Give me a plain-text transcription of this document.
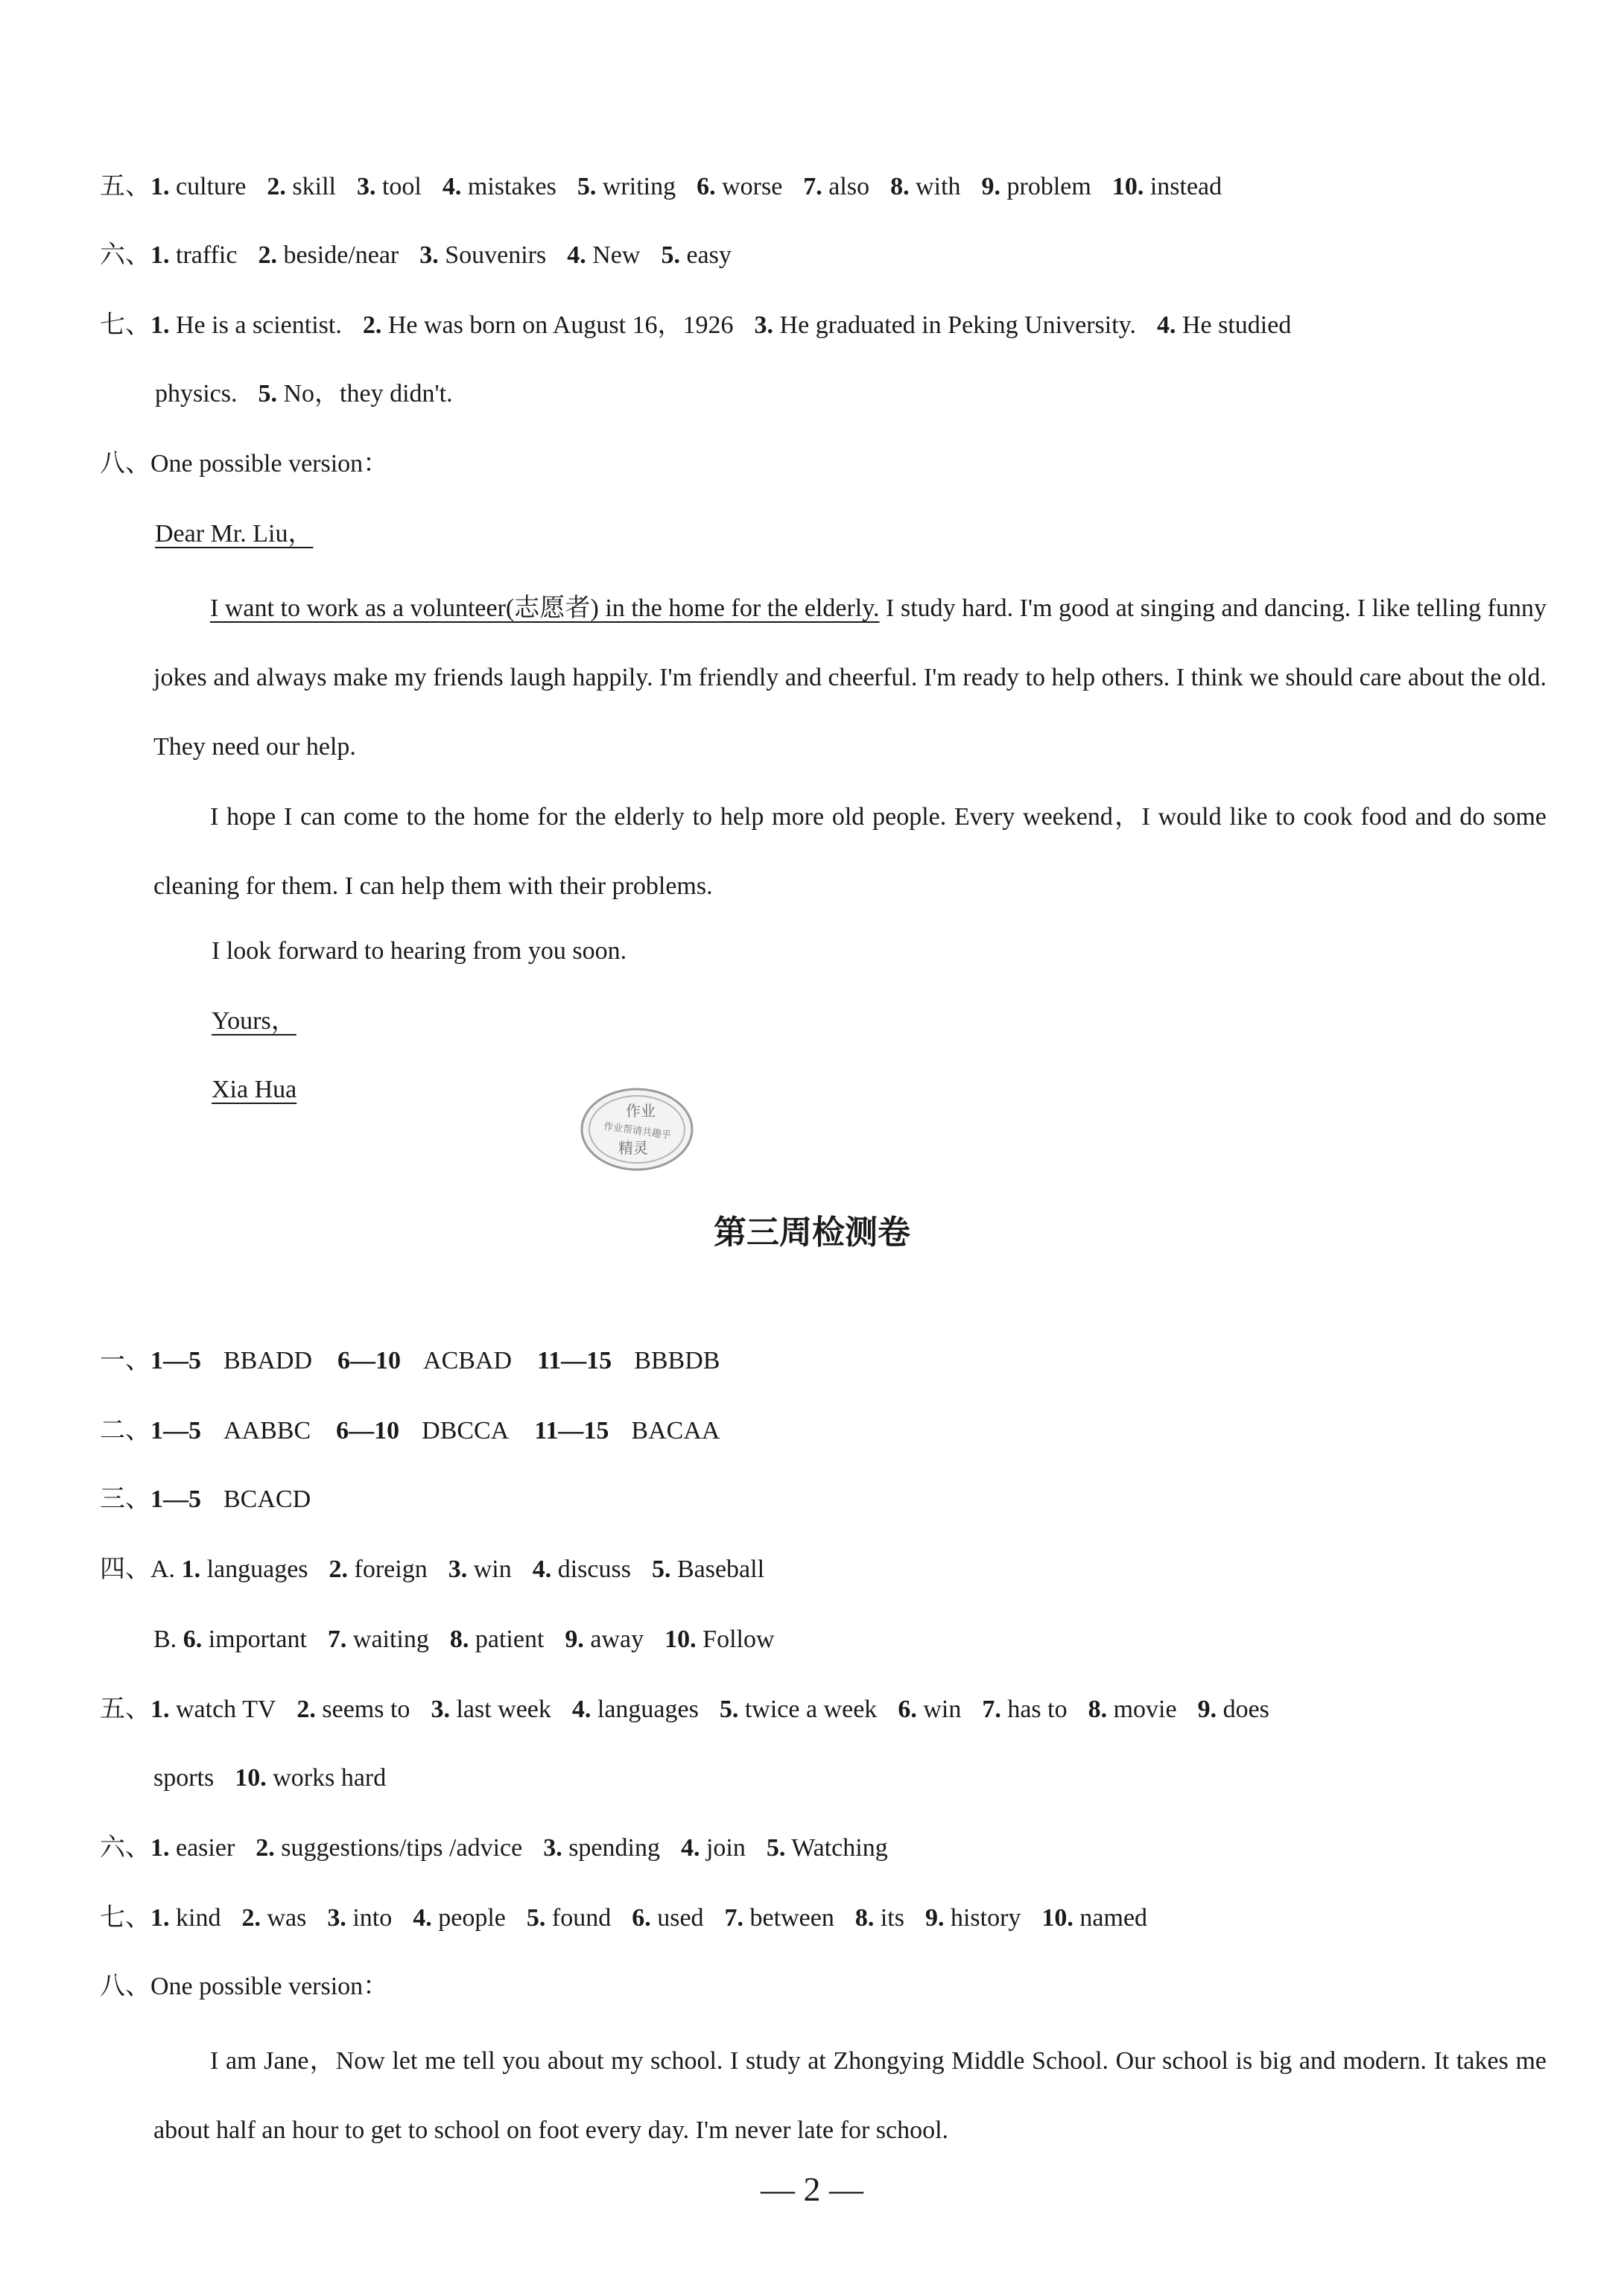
五、1. culture 2. skill 3. tool 4. mistakes 5. writing 6. worse 7. also 8. with 9. problem 10. instead
六、1. traffic 2. beside/near 3. Souvenirs 4. New 5. easy
七、1. He is a scientist. 2. He was born on August 16，1926 3. He graduated in Peking University. 4. He studied
physics. 5. No，they didn't.
八、One possible version：
Dear Mr. Liu，
I want to work as a volunteer(志愿者) in the home for the elderly. I study hard. I'm good at singing and dancing. I like telling funny jokes and always make my friends laugh happily. I'm friendly and cheerful. I'm ready to help others. I think we should care about the old. They need our help.
I hope I can come to the home for the elderly to help more old people. Every weekend，I would like to cook food and do some cleaning for them. I can help them with their problems.
I look forward to hearing from you soon.
Yours，
Xia Hua
作业
作业帮请共趣乎
精灵
第三周检测卷
一、1—5 BBADD 6—10 ACBAD 11—15 BBBDB
二、1—5 AABBC 6—10 DBCCA 11—15 BACAA
三、1—5 BCACD
四、A. 1. languages 2. foreign 3. win 4. discuss 5. Baseball
B. 6. important 7. waiting 8. patient 9. away 10. Follow
五、1. watch TV 2. seems to 3. last week 4. languages 5. twice a week 6. win 7. has to 8. movie 9. does
sports 10. works hard
六、1. easier 2. suggestions/tips /advice 3. spending 4. join 5. Watching
七、1. kind 2. was 3. into 4. people 5. found 6. used 7. between 8. its 9. history 10. named
八、One possible version：
I am Jane，Now let me tell you about my school. I study at Zhongying Middle School. Our school is big and modern. It takes me about half an hour to get to school on foot every day. I'm never late for school.
— 2 —
